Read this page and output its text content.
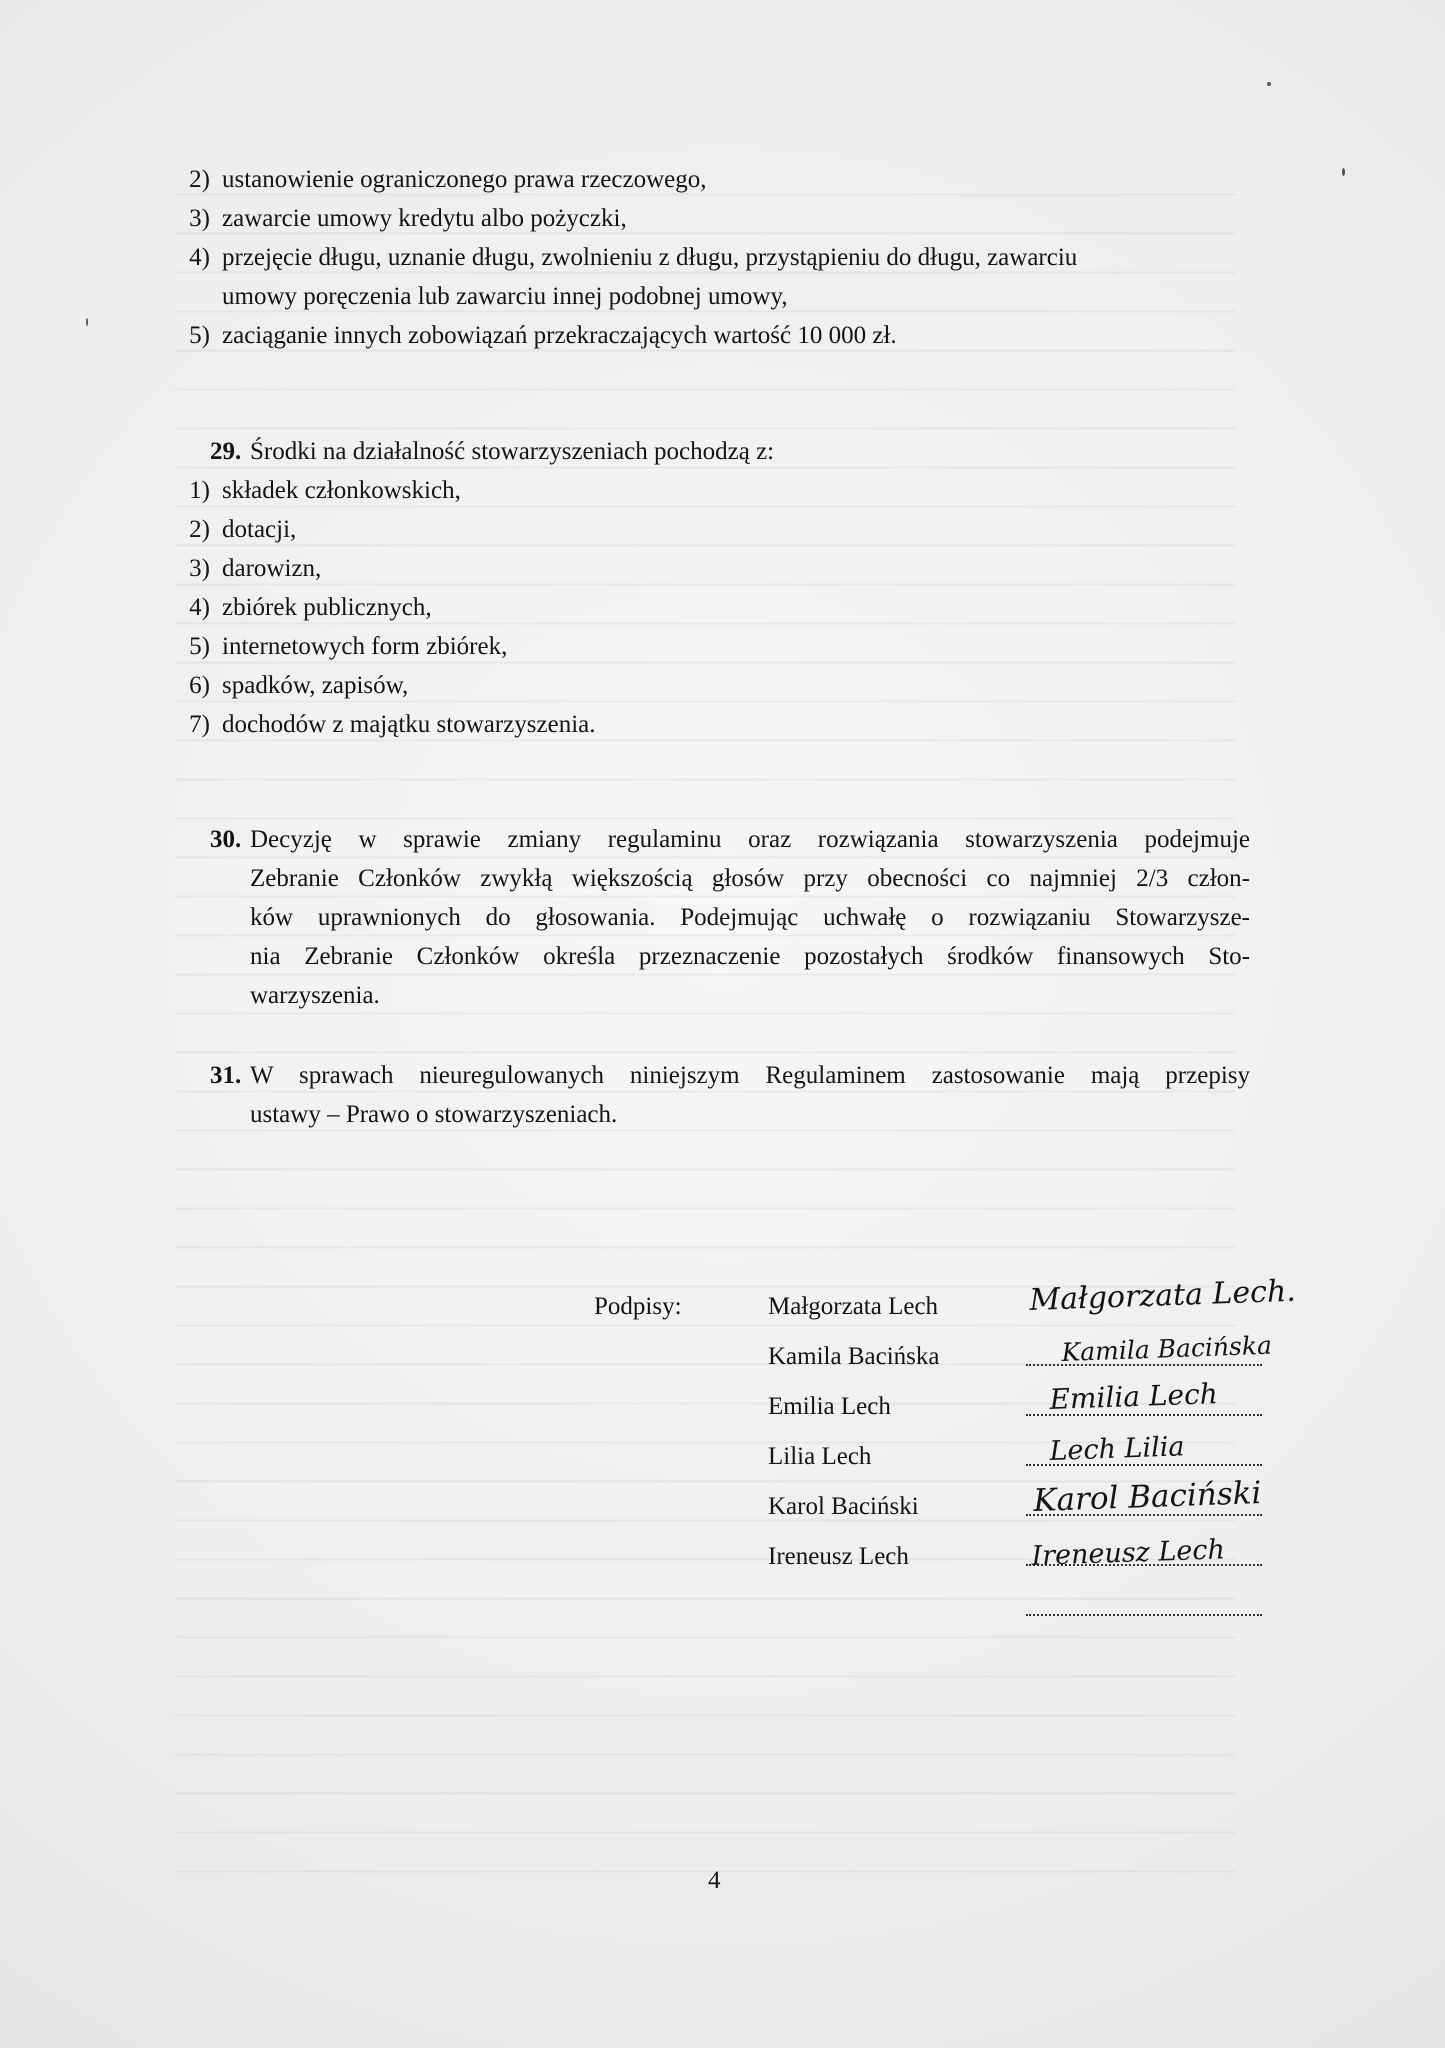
2) ustanowienie ograniczonego prawa rzeczowego,
3) zawarcie umowy kredytu albo pożyczki,
4) przejęcie długu, uznanie długu, zwolnieniu z długu, przystąpieniu do długu, zawarciu
umowy poręczenia lub zawarciu innej podobnej umowy,
5) zaciąganie innych zobowiązań przekraczających wartość 10 000 zł.
29. Środki na działalność stowarzyszeniach pochodzą z:
1) składek członkowskich,
2) dotacji,
3) darowizn,
4) zbiórek publicznych,
5) internetowych form zbiórek,
6) spadków, zapisów,
7) dochodów z majątku stowarzyszenia.
30. Decyzję w sprawie zmiany regulaminu oraz rozwiązania stowarzyszenia podejmuje
Zebranie Członków zwykłą większością głosów przy obecności co najmniej 2/3 człon-
ków uprawnionych do głosowania. Podejmując uchwałę o rozwiązaniu Stowarzysze-
nia Zebranie Członków określa przeznaczenie pozostałych środków finansowych Sto-
warzyszenia.
31. W sprawach nieuregulowanych niniejszym Regulaminem zastosowanie mają przepisy
ustawy – Prawo o stowarzyszeniach.
Podpisy:	Małgorzata Lech
Kamila Bacińska
Emilia Lech
Lilia Lech
Karol Baciński
Ireneusz Lech
Małgorzata Lech.
Kamila Bacińska
Emilia Lech
Lech Lilia
Karol Baciński
Ireneusz Lech
4
